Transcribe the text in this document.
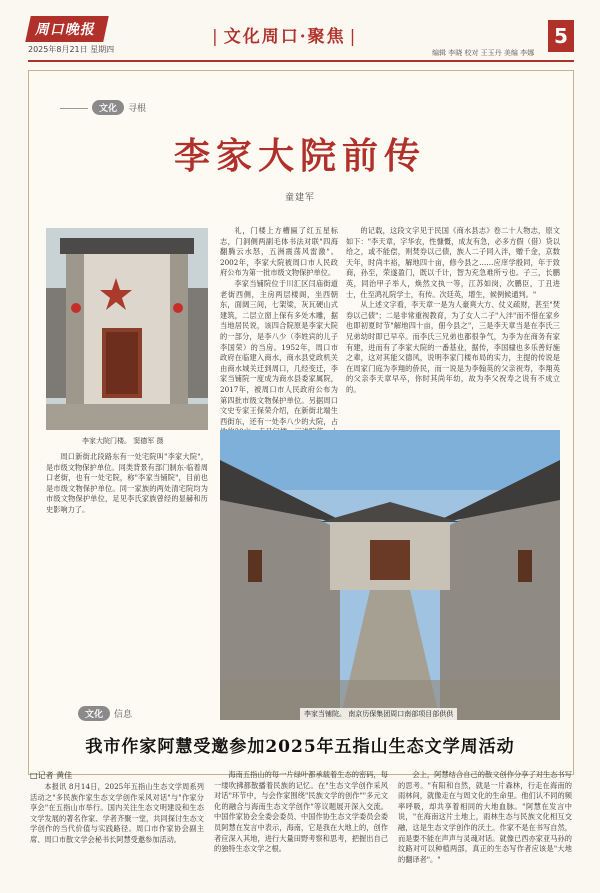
周口晚报
2025年8月21日 星期四
| 文化周口·聚焦 |
编辑 李晓 校对 王玉丹 美编 李娜
5
文化 寻根
李家大院前传
童建军
李家大院门楼。 窦德军 摄

礼，门楼上方槽匾了红五星标志，门洞侧两副毛体书法对联"四海翻腾云水怒，五洲震荡风雷激"。2002年，李家大院被周口市人民政府公布为第一批市级文物保护单位。

李家当铺院位于川汇区闫庙街道老街西侧，主房两层楼阁，坐西朝东，面阔三间，七架梁，灰瓦硬山式建筑，二层立窗上保有多处木雕，据当地居民说，该四合院原是李家大院的一部分，是李八少（李姓宾的儿子李国荣）的当房。1952年，周口市政府在临建入商水，商水县党政机关由商水城关迁到周口，几经变迁，李家当铺院一度成为商水县委家属院，2017年，被周口市人民政府公布为第四批市级文物保护单位。另据周口文史专家王保荣介绍，在新街北端生西街东，还有一处李八少的大院，占

的记载，这段文字见于民国《商水县志》卷二十人物志，原文如下："李天章，字华农，性慷慨，成友有急，必多方假（借）贷以给之，或不能偿，则焚券以己债，族人二子同入泮，赠千金，京数天年，时尚丰裕，解地四十亩，修今县之……应庠学殷同，年于致商，孙至，荣遂盈门，既以千计，智为充急难所亏也。子三，长鹏英，同治甲子举人，焕然文执一等，江苏如岗，次鹏臣，丁丑进士，仕至鸿礼院学士，有传。次廷英，增生，候例候通判。"

从上述文字看，李天章一是为人豪爽大方、仗义疏财，甚至"焚券以己债"；二是非常重视教育，为了女人二子"入泮"而不惜在家乡也即初夏时节"解地四十亩，佃今县之"，三是李天章当是在李氏三兄弟幼时即已早卒。而李氏三兄弟也都很争气，为李为在商务有家有建，进而有了李家大院的一番基业，据传，李国棣也多乐善好施之辈，这对其能父德风，说明李家门楼布局的实力，主提的传说是在周家门庭为李翔的侨民，而一说是为李翰英的父亲祝寿，李翔英的父亲李天章早卒，你时其尚年幼，故为李父祝寿之说有不成立的。

周口新街北段路东有一处宅院叫"李家大院"，是市级文物保护单位。同类背景有部门制东·临着周口老街，也有一处宅院，称"李家当铺院"，目前也是市级文物保护单位。同一家族的两处清宅院均为市级文物保护单位，足见李氏家族曾经的显赫和历史影响力了。

李家当铺院。 南京历保集团周口南部项目部供供
文化 信息
我市作家阿慧受邀参加2025年五指山生态文学周活动
□记者 黄佳

本报讯 8月14日，2025年五指山生态文学周系列活动之"多民族作家生态文学创作采风对话"与"作家分享会"在五指山市举行。国内关注生态文明建设和生态文学发展的著名作家、学者齐聚一堂，共同探讨生态文学创作的当代价值与实践路径。周口市作家协会副主席、周口市散文学会秘书长阿慧受邀参加活动。

海南五指山的每一片绿叶都承载着生态的密码，每一缕吹拂都散播着民族的记忆。在"生态文学创作采风对话"环节中，与会作家围绕"民族文学的创作""多元文化的融合与海南生态文学创作"等议题展开深入交流。中国作家协会全委会委员、中国作协生态文学委员会委员阿慧在发言中表示，海南，它是我在大地上的，创作者应深入其地，进行大量田野考察和思考，把握出自己的独特生态文学之根。

会上，阿慧结合自己的散文创作分享了对生态书写的思考。"有阳和自然，就是一片森林，行走在海南的雨林间，就像走在与周文化的生命里。他们认不同的频率呼吸，却共享着相同的大地血脉。"阿慧在发言中说，"在海南这片土地上，雨林生态与民族文化相互交融，这是生态文学创作的沃土。作家不是在书写自然，而是要不能在声声与灵魂对话。就像已西亦家亚马孙的纹路对可以种植两部，真正的生态写作者应该是"大地的翻译者"。"
